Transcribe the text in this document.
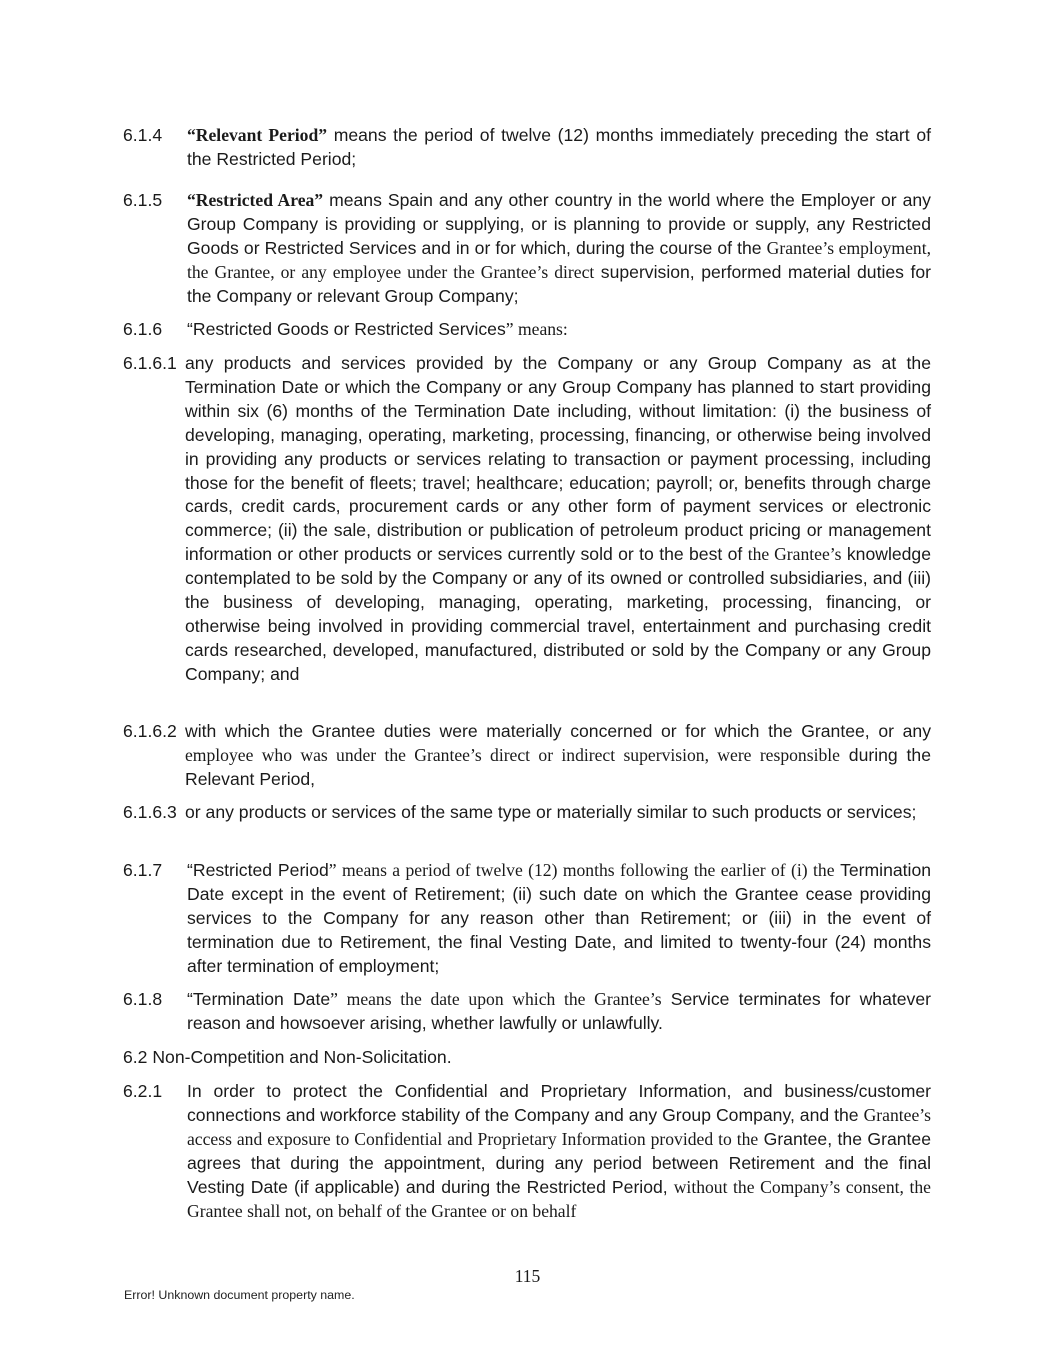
6.1.4 “Relevant Period” means the period of twelve (12) months immediately preceding the start of the Restricted Period;

6.1.5 “Restricted Area” means Spain and any other country in the world where the Employer or any Group Company is providing or supplying, or is planning to provide or supply, any Restricted Goods or Restricted Services and in or for which, during the course of the Grantee’s employment, the Grantee, or any employee under the Grantee’s direct supervision, performed material duties for the Company or relevant Group Company;

6.1.6 “Restricted Goods or Restricted Services” means:

6.1.6.1 any products and services provided by the Company or any Group Company as at the Termination Date or which the Company or any Group Company has planned to start providing within six (6) months of the Termination Date including, without limitation: (i) the business of developing, managing, operating, marketing, processing, financing, or otherwise being involved in providing any products or services relating to transaction or payment processing, including those for the benefit of fleets; travel; healthcare; education; payroll; or, benefits through charge cards, credit cards, procurement cards or any other form of payment services or electronic commerce; (ii) the sale, distribution or publication of petroleum product pricing or management information or other products or services currently sold or to the best of the Grantee’s knowledge contemplated to be sold by the Company or any of its owned or controlled subsidiaries, and (iii) the business of developing, managing, operating, marketing, processing, financing, or otherwise being involved in providing commercial travel, entertainment and purchasing credit cards researched, developed, manufactured, distributed or sold by the Company or any Group Company; and

6.1.6.2 with which the Grantee duties were materially concerned or for which the Grantee, or any employee who was under the Grantee’s direct or indirect supervision, were responsible during the Relevant Period,

6.1.6.3 or any products or services of the same type or materially similar to such products or services;

6.1.7 “Restricted Period” means a period of twelve (12) months following the earlier of (i) the Termination Date except in the event of Retirement; (ii) such date on which the Grantee cease providing services to the Company for any reason other than Retirement; or (iii) in the event of termination due to Retirement, the final Vesting Date, and limited to twenty-four (24) months after termination of employment;

6.1.8 “Termination Date” means the date upon which the Grantee’s Service terminates for whatever reason and howsoever arising, whether lawfully or unlawfully.

6.2 Non-Competition and Non-Solicitation.

6.2.1 In order to protect the Confidential and Proprietary Information, and business/customer connections and workforce stability of the Company and any Group Company, and the Grantee’s access and exposure to Confidential and Proprietary Information provided to the Grantee, the Grantee agrees that during the appointment, during any period between Retirement and the final Vesting Date (if applicable) and during the Restricted Period, without the Company’s consent, the Grantee shall not, on behalf of the Grantee or on behalf

115
Error! Unknown document property name.
